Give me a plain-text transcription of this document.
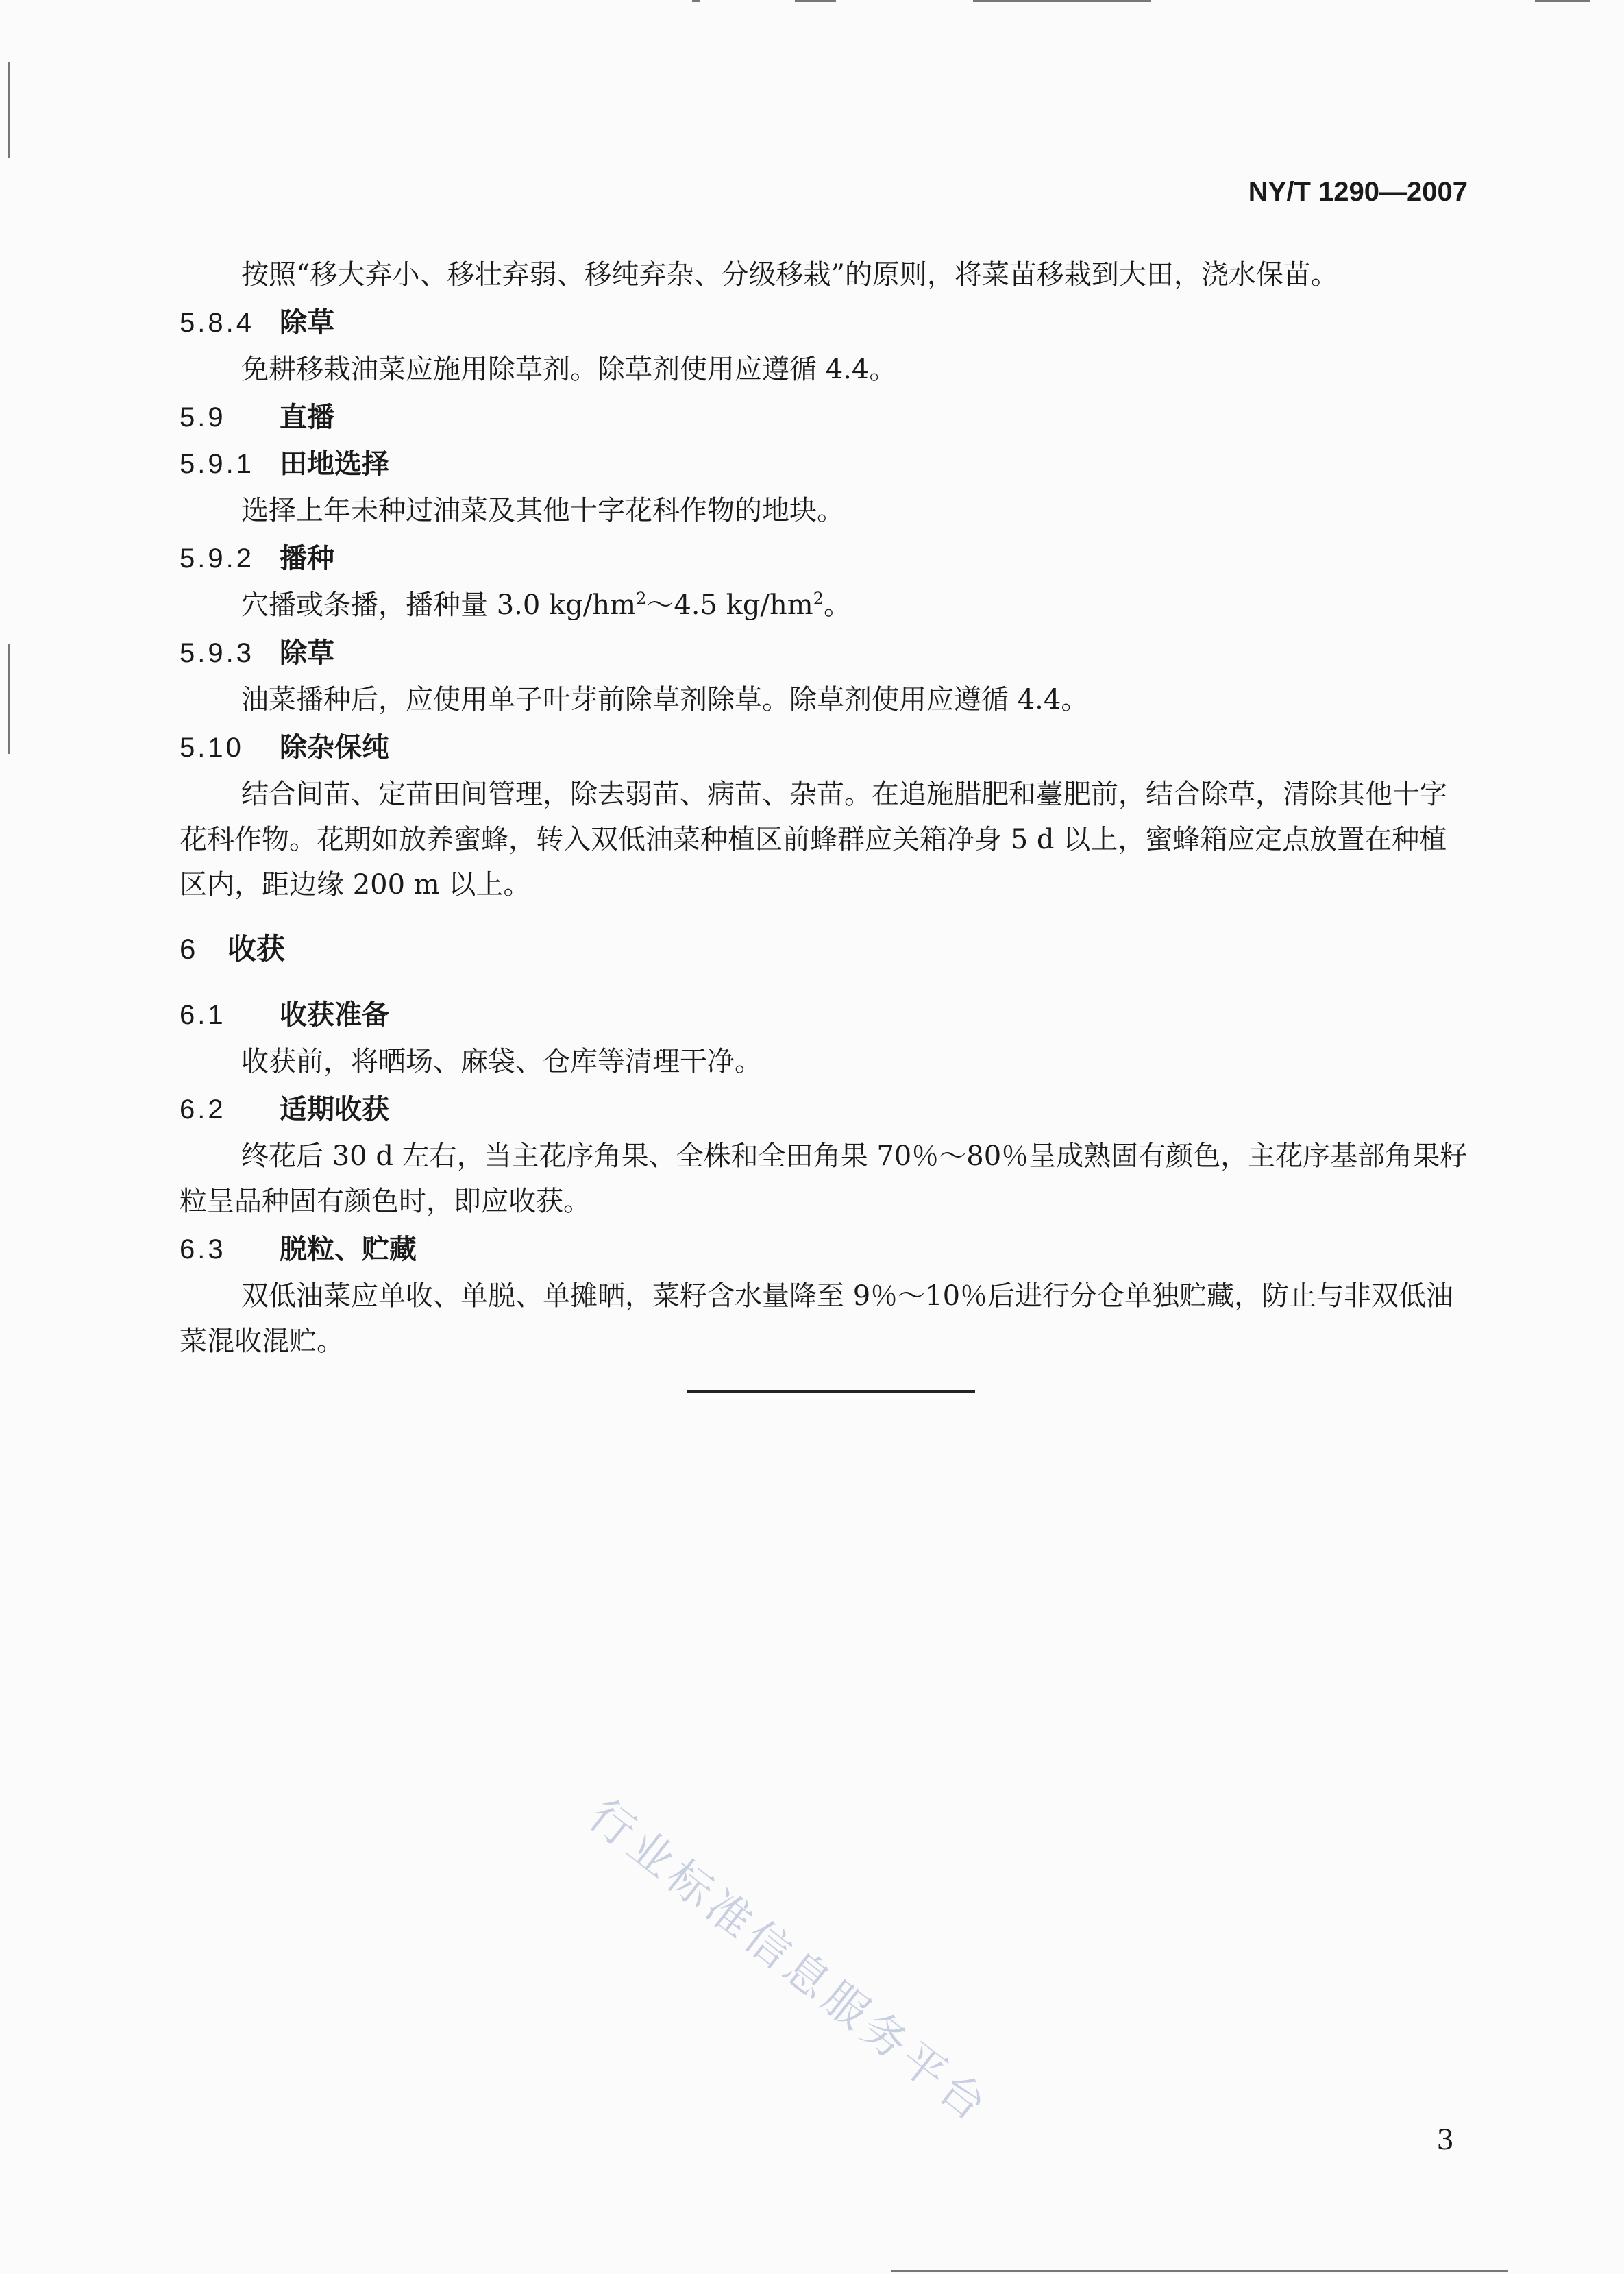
NY/T 1290—2007

按照“移大弃小、移壮弃弱、移纯弃杂、分级移栽”的原则，将菜苗移栽到大田，浇水保苗。

5.8.4 除草

免耕移栽油菜应施用除草剂。除草剂使用应遵循 4.4。

5.9 直播
5.9.1 田地选择

选择上年未种过油菜及其他十字花科作物的地块。

5.9.2 播种

穴播或条播，播种量 3.0 $kg/hm^2\sim 4.5$ $kg/hm^2$。

5.9.3 除草

油菜播种后，应使用单子叶芽前除草剂除草。除草剂使用应遵循 4.4。

5.10 除杂保纯

结合间苗、定苗田间管理，除去弱苗、病苗、杂苗。在追施腊肥和薹肥前，结合除草，清除其他十字花科作物。花期如放养蜜蜂，转入双低油菜种植区前蜂群应关箱净身 5 d 以上，蜜蜂箱应定点放置在种植区内，距边缘 200 m 以上。

6 收获
6.1 收获准备

收获前，将晒场、麻袋、仓库等清理干净。

6.2 适期收获

终花后 30 d 左右，当主花序角果、全株和全田角果 70％～80％呈成熟固有颜色，主花序基部角果籽粒呈品种固有颜色时，即应收获。

6.3 脱粒、贮藏

双低油菜应单收、单脱、单摊晒，菜籽含水量降至 9％～10％后进行分仓单独贮藏，防止与非双低油菜混收混贮。

行业标准信息服务平台
3
